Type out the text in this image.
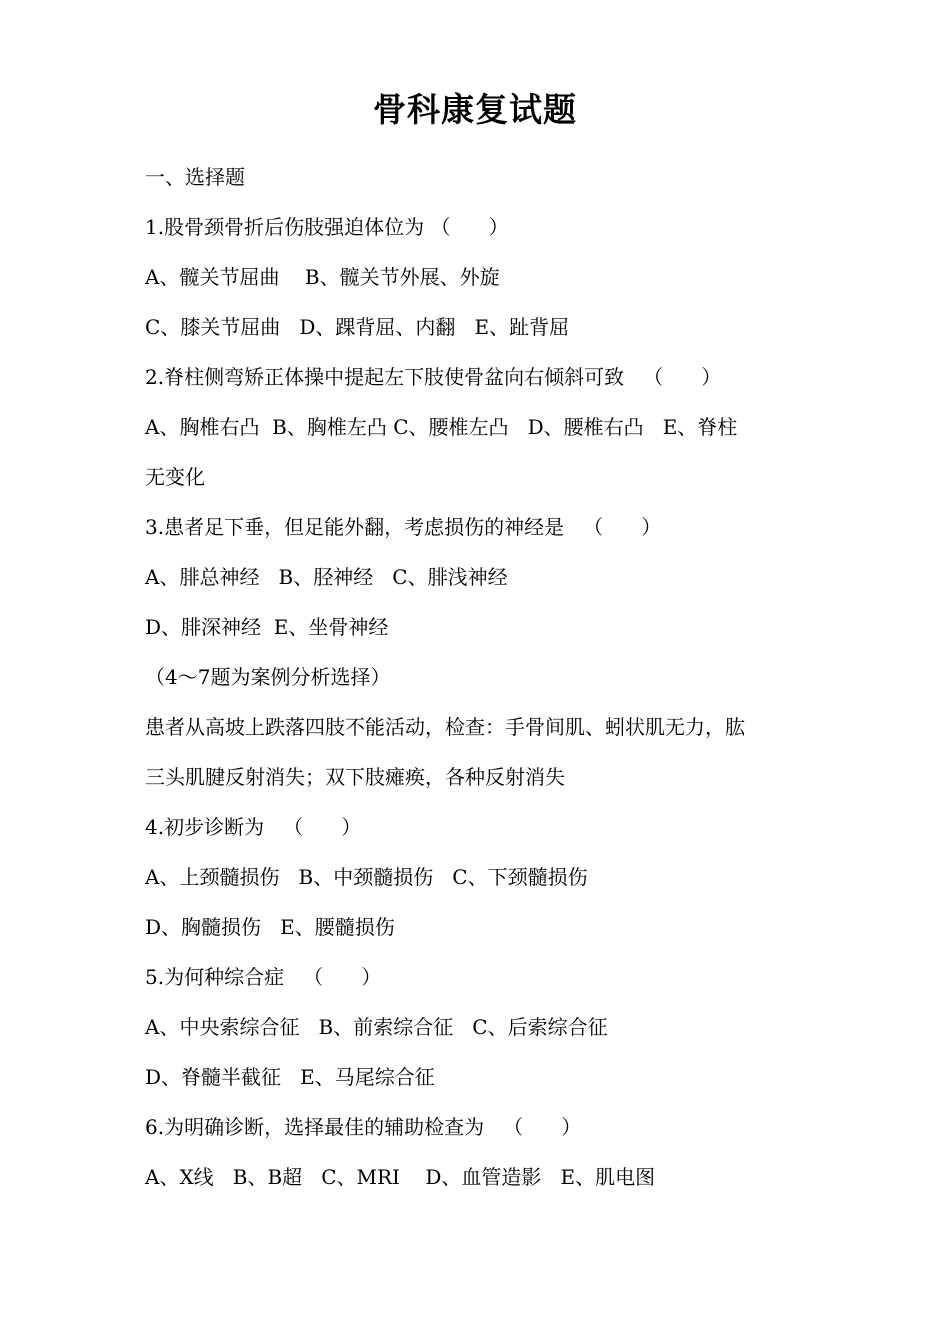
骨科康复试题
一、选择题
1.股骨颈骨折后伤肢强迫体位为 （      ）
A、髋关节屈曲    B、髋关节外展、外旋
C、膝关节屈曲   D、踝背屈、内翻   E、趾背屈
2.脊柱侧弯矫正体操中提起左下肢使骨盆向右倾斜可致   （      ）
A、胸椎右凸  B、胸椎左凸 C、腰椎左凸   D、腰椎右凸   E、脊柱
无变化
3.患者足下垂，但足能外翻，考虑损伤的神经是   （      ）
A、腓总神经   B、胫神经   C、腓浅神经
D、腓深神经  E、坐骨神经
（4～7题为案例分析选择）
患者从高坡上跌落四肢不能活动，检查：手骨间肌、蚓状肌无力，肱
三头肌腱反射消失；双下肢瘫痪，各种反射消失
4.初步诊断为   （      ）
A、上颈髓损伤   B、中颈髓损伤   C、下颈髓损伤
D、胸髓损伤   E、腰髓损伤
5.为何种综合症   （      ）
A、中央索综合征   B、前索综合征   C、后索综合征
D、脊髓半截征   E、马尾综合征
6.为明确诊断，选择最佳的辅助检查为   （      ）
A、X线   B、B超   C、MRI    D、血管造影   E、肌电图
